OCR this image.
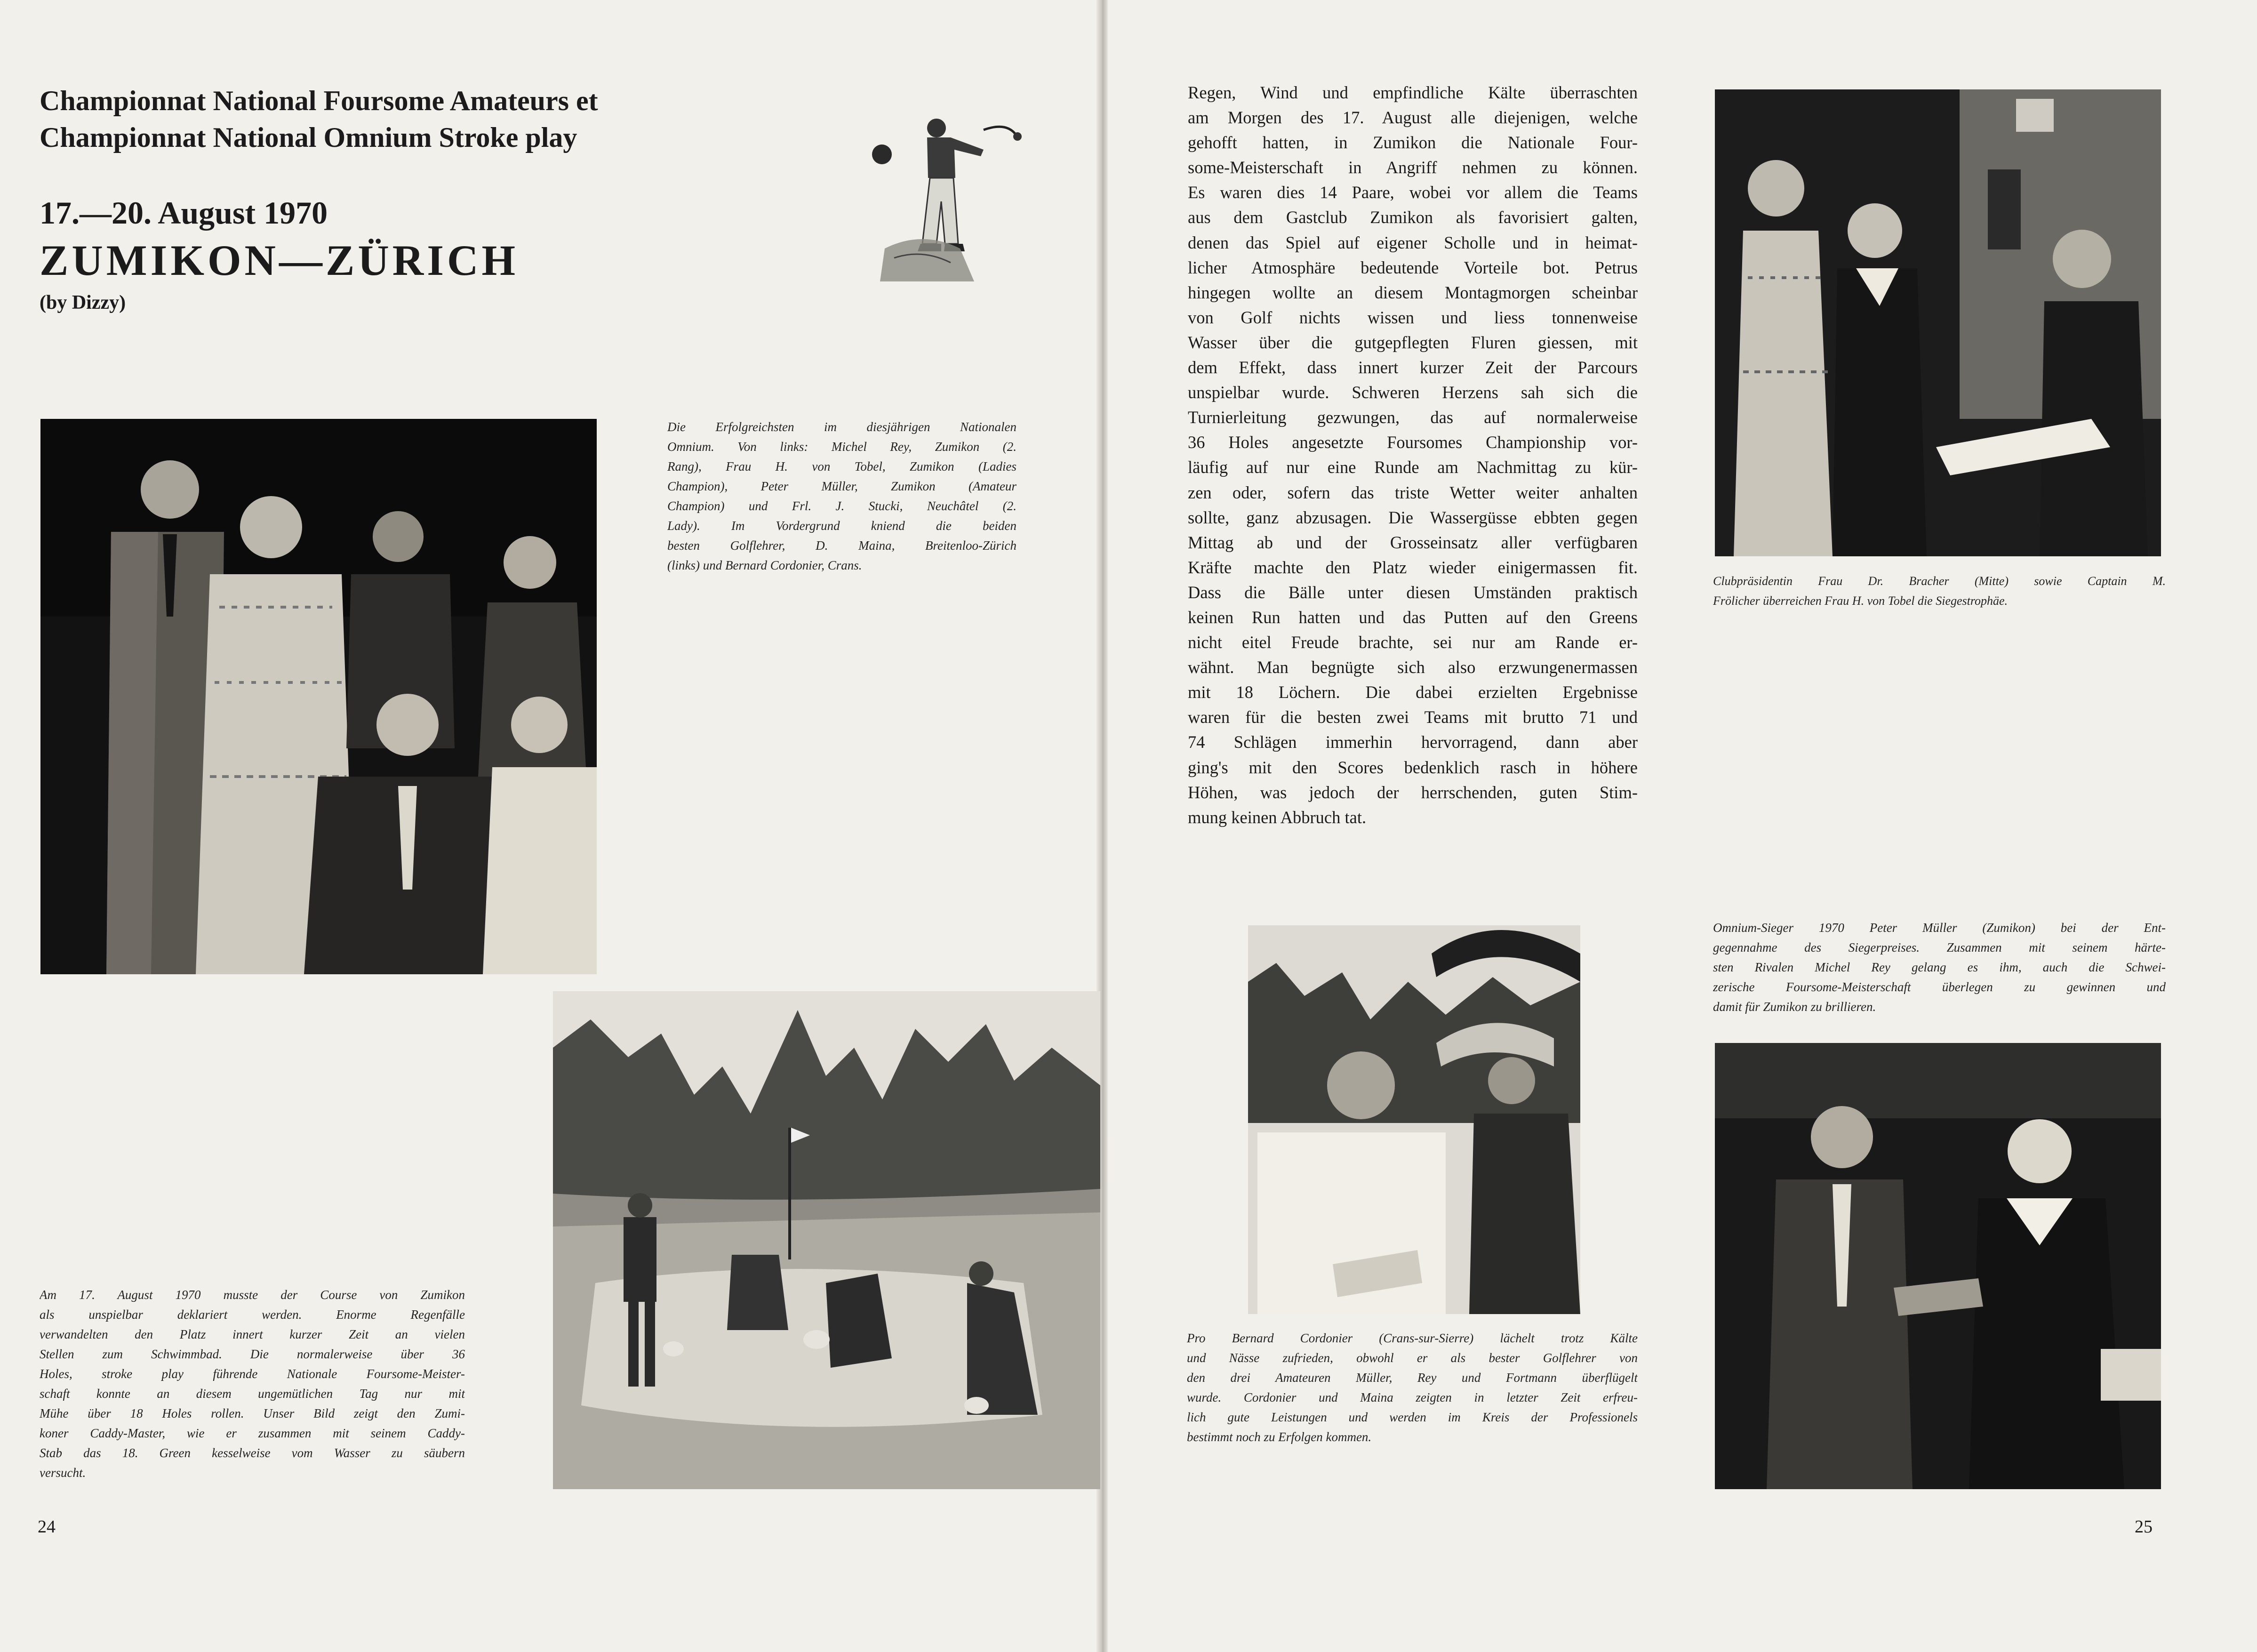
Championnat National Foursome Amateurs et
Championnat National Omnium Stroke play
17.—20. August 1970
ZUMIKON—ZÜRICH

(by Dizzy)

Die Erfolgreichsten im diesjährigen Nationalen
Omnium. Von links: Michel Rey, Zumikon (2.
Rang), Frau H. von Tobel, Zumikon (Ladies
Champion), Peter Müller, Zumikon (Amateur
Champion) und Frl. J. Stucki, Neuchâtel (2.
Lady). Im Vordergrund kniend die beiden
besten Golflehrer, D. Maina, Breitenloo-Zürich
(links) und Bernard Cordonier, Crans.

Am 17. August 1970 musste der Course von Zumikon
als unspielbar deklariert werden. Enorme Regenfälle
verwandelten den Platz innert kurzer Zeit an vielen
Stellen zum Schwimmbad. Die normalerweise über 36
Holes, stroke play führende Nationale Foursome-Meister-
schaft konnte an diesem ungemütlichen Tag nur mit
Mühe über 18 Holes rollen. Unser Bild zeigt den Zumi-
koner Caddy-Master, wie er zusammen mit seinem Caddy-
Stab das 18. Green kesselweise vom Wasser zu säubern
versucht.

24

Regen, Wind und empfindliche Kälte überraschten
am Morgen des 17. August alle diejenigen, welche
gehofft hatten, in Zumikon die Nationale Four-
some-Meisterschaft in Angriff nehmen zu können.
Es waren dies 14 Paare, wobei vor allem die Teams
aus dem Gastclub Zumikon als favorisiert galten,
denen das Spiel auf eigener Scholle und in heimat-
licher Atmosphäre bedeutende Vorteile bot. Petrus
hingegen wollte an diesem Montagmorgen scheinbar
von Golf nichts wissen und liess tonnenweise
Wasser über die gutgepflegten Fluren giessen, mit
dem Effekt, dass innert kurzer Zeit der Parcours
unspielbar wurde. Schweren Herzens sah sich die
Turnierleitung gezwungen, das auf normalerweise
36 Holes angesetzte Foursomes Championship vor-
läufig auf nur eine Runde am Nachmittag zu kür-
zen oder, sofern das triste Wetter weiter anhalten
sollte, ganz abzusagen. Die Wassergüsse ebbten gegen
Mittag ab und der Grosseinsatz aller verfügbaren
Kräfte machte den Platz wieder einigermassen fit.
Dass die Bälle unter diesen Umständen praktisch
keinen Run hatten und das Putten auf den Greens
nicht eitel Freude brachte, sei nur am Rande er-
wähnt. Man begnügte sich also erzwungenermassen
mit 18 Löchern. Die dabei erzielten Ergebnisse
waren für die besten zwei Teams mit brutto 71 und
74 Schlägen immerhin hervorragend, dann aber
ging's mit den Scores bedenklich rasch in höhere
Höhen, was jedoch der herrschenden, guten Stim-
mung keinen Abbruch tat.

Clubpräsidentin Frau Dr. Bracher (Mitte) sowie Captain M.
Frölicher überreichen Frau H. von Tobel die Siegestrophäe.

Pro Bernard Cordonier (Crans-sur-Sierre) lächelt trotz Kälte
und Nässe zufrieden, obwohl er als bester Golflehrer von
den drei Amateuren Müller, Rey und Fortmann überflügelt
wurde. Cordonier und Maina zeigten in letzter Zeit erfreu-
lich gute Leistungen und werden im Kreis der Professionels
bestimmt noch zu Erfolgen kommen.

Omnium-Sieger 1970 Peter Müller (Zumikon) bei der Ent-
gegennahme des Siegerpreises. Zusammen mit seinem härte-
sten Rivalen Michel Rey gelang es ihm, auch die Schwei-
zerische Foursome-Meisterschaft überlegen zu gewinnen und
damit für Zumikon zu brillieren.

25
